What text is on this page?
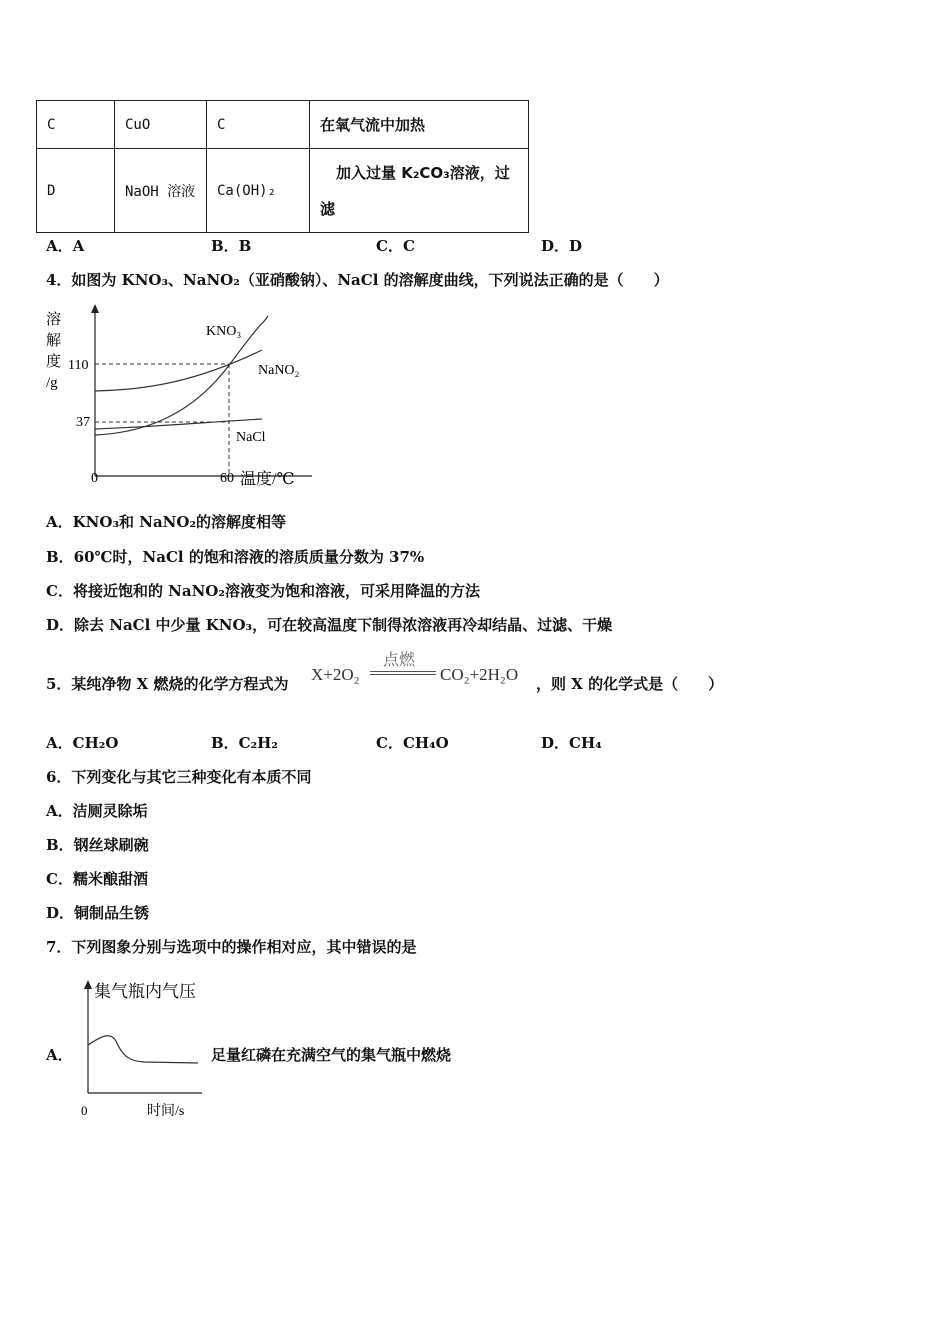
C	CuO	C	在氧气流中加热
D	NaOH 溶液	Ca(OH)₂	加入过量 K₂CO₃溶液，过滤
A．A	B．B	C．C	D．D
4．如图为 KNO₃、NaNO₂（亚硝酸钠）、NaCl 的溶解度曲线，下列说法正确的是（　　）
溶
解
度
/g
110
37
0	60 温度/℃
KNO₃
NaNO₂
NaCl
A．KNO₃和 NaNO₂的溶解度相等
B．60℃时，NaCl 的饱和溶液的溶质质量分数为 37%
C．将接近饱和的 NaNO₂溶液变为饱和溶液，可采用降温的方法
D．除去 NaCl 中少量 KNO₃，可在较高温度下制得浓溶液再冷却结晶、过滤、干燥
5．某纯净物 X 燃烧的化学方程式为 X+2O₂
点燃
CO₂+2H₂O ，则 X 的化学式是（　　）
A．CH₂O	B．C₂H₂	C．CH₄O	D．CH₄
6．下列变化与其它三种变化有本质不同
A．洁厕灵除垢
B．钢丝球刷碗
C．糯米酿甜酒
D．铜制品生锈
7．下列图象分别与选项中的操作相对应，其中错误的是
A．
集气瓶内气压
0	时间/s
足量红磷在充满空气的集气瓶中燃烧
